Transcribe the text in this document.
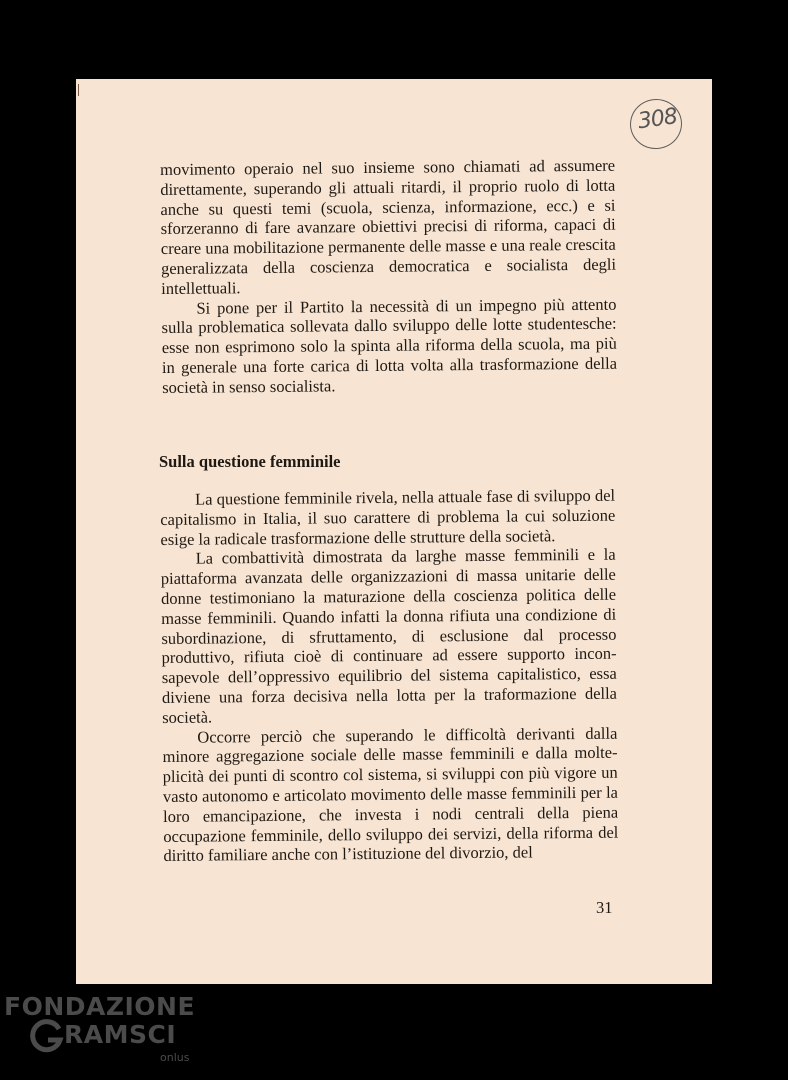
308

movimento operaio nel suo insieme sono chiamati ad assumere direttamente, superando gli attuali ritardi, il proprio ruolo di lotta anche su questi temi (scuola, scienza, informazione, ecc.) e si sforzeranno di fare avanzare obiettivi precisi di riforma, capaci di creare una mobilitazione permanente delle masse e una reale crescita generalizzata della coscienza democratica e socialista degli intellettuali.

Si pone per il Partito la necessità di un impegno più attento sulla problematica sollevata dallo sviluppo delle lotte studentesche: esse non esprimono solo la spinta alla riforma della scuola, ma più in generale una forte carica di lotta volta alla trasformazione della società in senso socialista.

Sulla questione femminile

La questione femminile rivela, nella attuale fase di sviluppo del capitalismo in Italia, il suo carattere di problema la cui soluzione esige la radicale trasformazione delle strutture della società.

La combattività dimostrata da larghe masse femminili e la piattaforma avanzata delle organizzazioni di massa unitarie delle donne testimoniano la maturazione della coscienza politica delle masse femminili. Quando infatti la donna rifiuta una condizione di subordinazione, di sfruttamento, di esclusione dal processo produttivo, rifiuta cioè di continuare ad essere supporto inconsapevole dell’oppressivo equilibrio del sistema capitalistico, essa diviene una forza decisiva nella lotta per la traformazione della società.

Occorre perciò che superando le difficoltà derivanti dalla minore aggregazione sociale delle masse femminili e dalla molteplicità dei punti di scontro col sistema, si sviluppi con più vigore un vasto autonomo e articolato movimento delle masse femminili per la loro emancipazione, che investa i nodi centrali della piena occupazione femminile, dello sviluppo dei servizi, della riforma del diritto familiare anche con l’istituzione del divorzio, del

31
FONDAZIONE
RAMSCI
onlus
